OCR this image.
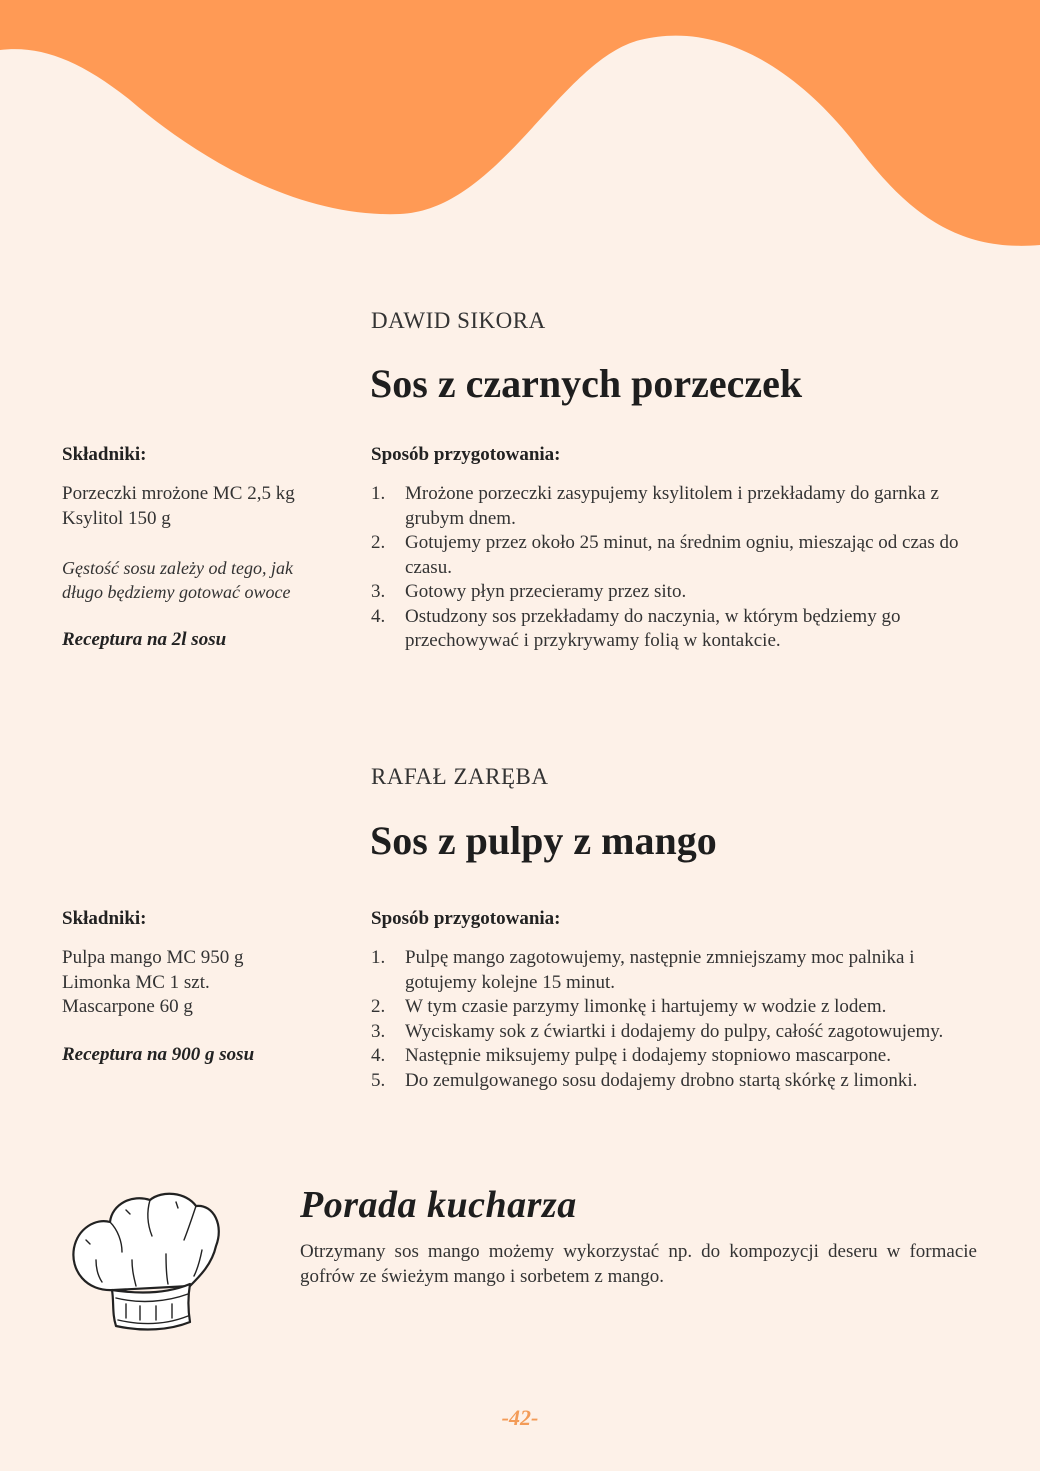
DAWID SIKORA
Sos z czarnych porzeczek
Składniki:
Porzeczki mrożone MC 2,5 kg
Ksylitol 150 g
Gęstość sosu zależy od tego, jak
długo będziemy gotować owoce
Receptura na 2l sosu
Sposób przygotowania:
1.	Mrożone porzeczki zasypujemy ksylitolem i przekładamy do garnka z grubym dnem.
2.	Gotujemy przez około 25 minut, na średnim ogniu, mieszając od czas do czasu.
3.	Gotowy płyn przecieramy przez sito.
4.	Ostudzony sos przekładamy do naczynia, w którym będziemy go przechowywać i przykrywamy folią w kontakcie.
RAFAŁ ZARĘBA
Sos z pulpy z mango
Składniki:
Pulpa mango MC 950 g
Limonka MC 1 szt.
Mascarpone 60 g
Receptura na 900 g sosu
Sposób przygotowania:
1.	Pulpę mango zagotowujemy, następnie zmniejszamy moc palnika i gotujemy kolejne 15 minut.
2.	W tym czasie parzymy limonkę i hartujemy w wodzie z lodem.
3.	Wyciskamy sok z ćwiartki i dodajemy do pulpy, całość zagotowujemy.
4.	Następnie miksujemy pulpę i dodajemy stopniowo mascarpone.
5.	Do zemulgowanego sosu dodajemy drobno startą skórkę z limonki.
Porada kucharza
Otrzymany sos mango możemy wykorzystać np. do kompozycji deseru w formacie gofrów ze świeżym mango i sorbetem z mango.
-42-
